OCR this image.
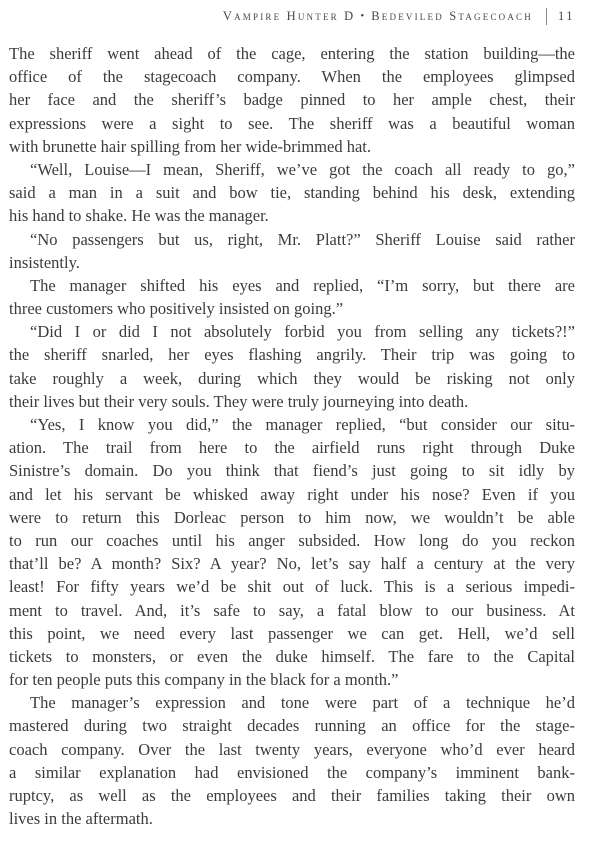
Vampire Hunter D • Bedeviled Stagecoach 11
The sheriff went ahead of the cage, entering the station building—the
office of the stagecoach company. When the employees glimpsed
her face and the sheriff’s badge pinned to her ample chest, their
expressions were a sight to see. The sheriff was a beautiful woman
with brunette hair spilling from her wide-brimmed hat.
“Well, Louise—I mean, Sheriff, we’ve got the coach all ready to go,”
said a man in a suit and bow tie, standing behind his desk, extending
his hand to shake. He was the manager.
“No passengers but us, right, Mr. Platt?” Sheriff Louise said rather
insistently.
The manager shifted his eyes and replied, “I’m sorry, but there are
three customers who positively insisted on going.”
“Did I or did I not absolutely forbid you from selling any tickets?!”
the sheriff snarled, her eyes flashing angrily. Their trip was going to
take roughly a week, during which they would be risking not only
their lives but their very souls. They were truly journeying into death.
“Yes, I know you did,” the manager replied, “but consider our situ-
ation. The trail from here to the airfield runs right through Duke
Sinistre’s domain. Do you think that fiend’s just going to sit idly by
and let his servant be whisked away right under his nose? Even if you
were to return this Dorleac person to him now, we wouldn’t be able
to run our coaches until his anger subsided. How long do you reckon
that’ll be? A month? Six? A year? No, let’s say half a century at the very
least! For fifty years we’d be shit out of luck. This is a serious impedi-
ment to travel. And, it’s safe to say, a fatal blow to our business. At
this point, we need every last passenger we can get. Hell, we’d sell
tickets to monsters, or even the duke himself. The fare to the Capital
for ten people puts this company in the black for a month.”
The manager’s expression and tone were part of a technique he’d
mastered during two straight decades running an office for the stage-
coach company. Over the last twenty years, everyone who’d ever heard
a similar explanation had envisioned the company’s imminent bank-
ruptcy, as well as the employees and their families taking their own
lives in the aftermath.
